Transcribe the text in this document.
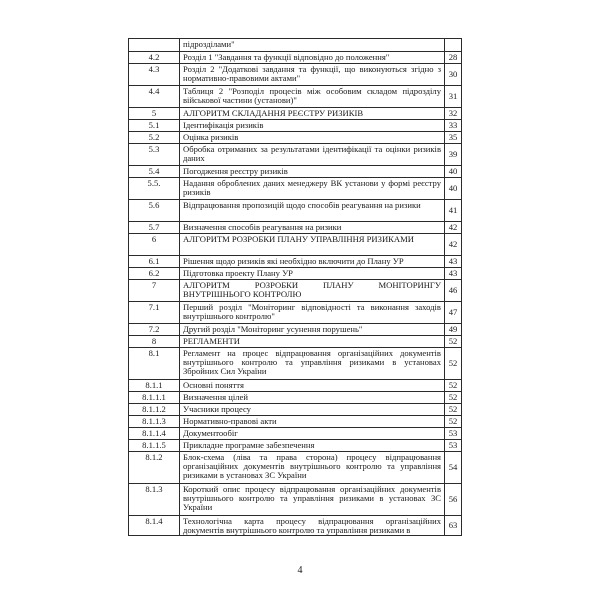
	підрозділами"	
4.2	Розділ 1 "Завдання та функції відповідно до положення"	28
4.3	Розділ 2 "Додаткові завдання та функції, що виконуються згідно з нормативно-правовими актами"	30
4.4	Таблиця 2 "Розподіл процесів між особовим складом підрозділу військової частини (установи)"	31
5	АЛГОРИТМ СКЛАДАННЯ РЕЄСТРУ РИЗИКІВ	32
5.1	Ідентифікація ризиків	33
5.2	Оцінка ризиків	35
5.3	Обробка отриманих за результатами ідентифікації та оцінки ризиків даних	39
5.4	Погодження реєстру ризиків	40
5.5.	Надання оброблених даних менеджеру ВК установи у формі реєстру ризиків	40
5.6	Відпрацювання пропозицій щодо способів реагування на ризики	41
5.7	Визначення способів реагування на ризики	42
6	АЛГОРИТМ РОЗРОБКИ ПЛАНУ УПРАВЛІННЯ РИЗИКАМИ	42
6.1	Рішення щодо ризиків які необхідно включити до Плану УР	43
6.2	Підготовка проекту Плану УР	43
7	АЛГОРИТМ РОЗРОБКИ ПЛАНУ МОНІТОРИНГУ ВНУТРІШНЬОГО КОНТРОЛЮ	46
7.1	Перший розділ "Моніторинг відповідності та виконання заходів внутрішнього контролю"	47
7.2	Другий розділ "Моніторинг усунення порушень"	49
8	РЕГЛАМЕНТИ	52
8.1	Регламент на процес відпрацювання організаційних документів внутрішнього контролю та управління ризиками в установах Збройних Сил України	52
8.1.1	Основні поняття	52
8.1.1.1	Визначення цілей	52
8.1.1.2	Учасники процесу	52
8.1.1.3	Нормативно-правові акти	52
8.1.1.4	Документообіг	53
8.1.1.5	Прикладне програмне забезпечення	53
8.1.2	Блок-схема (ліва та права сторона) процесу відпрацювання організаційних документів внутрішнього контролю та управління ризиками в установах ЗС України	54
8.1.3	Короткий опис процесу відпрацювання організаційних документів внутрішнього контролю та управління ризиками в установах ЗС України	56
8.1.4	Технологічна карта процесу відпрацювання організаційних документів внутрішнього контролю та управління ризиками в	63
4
